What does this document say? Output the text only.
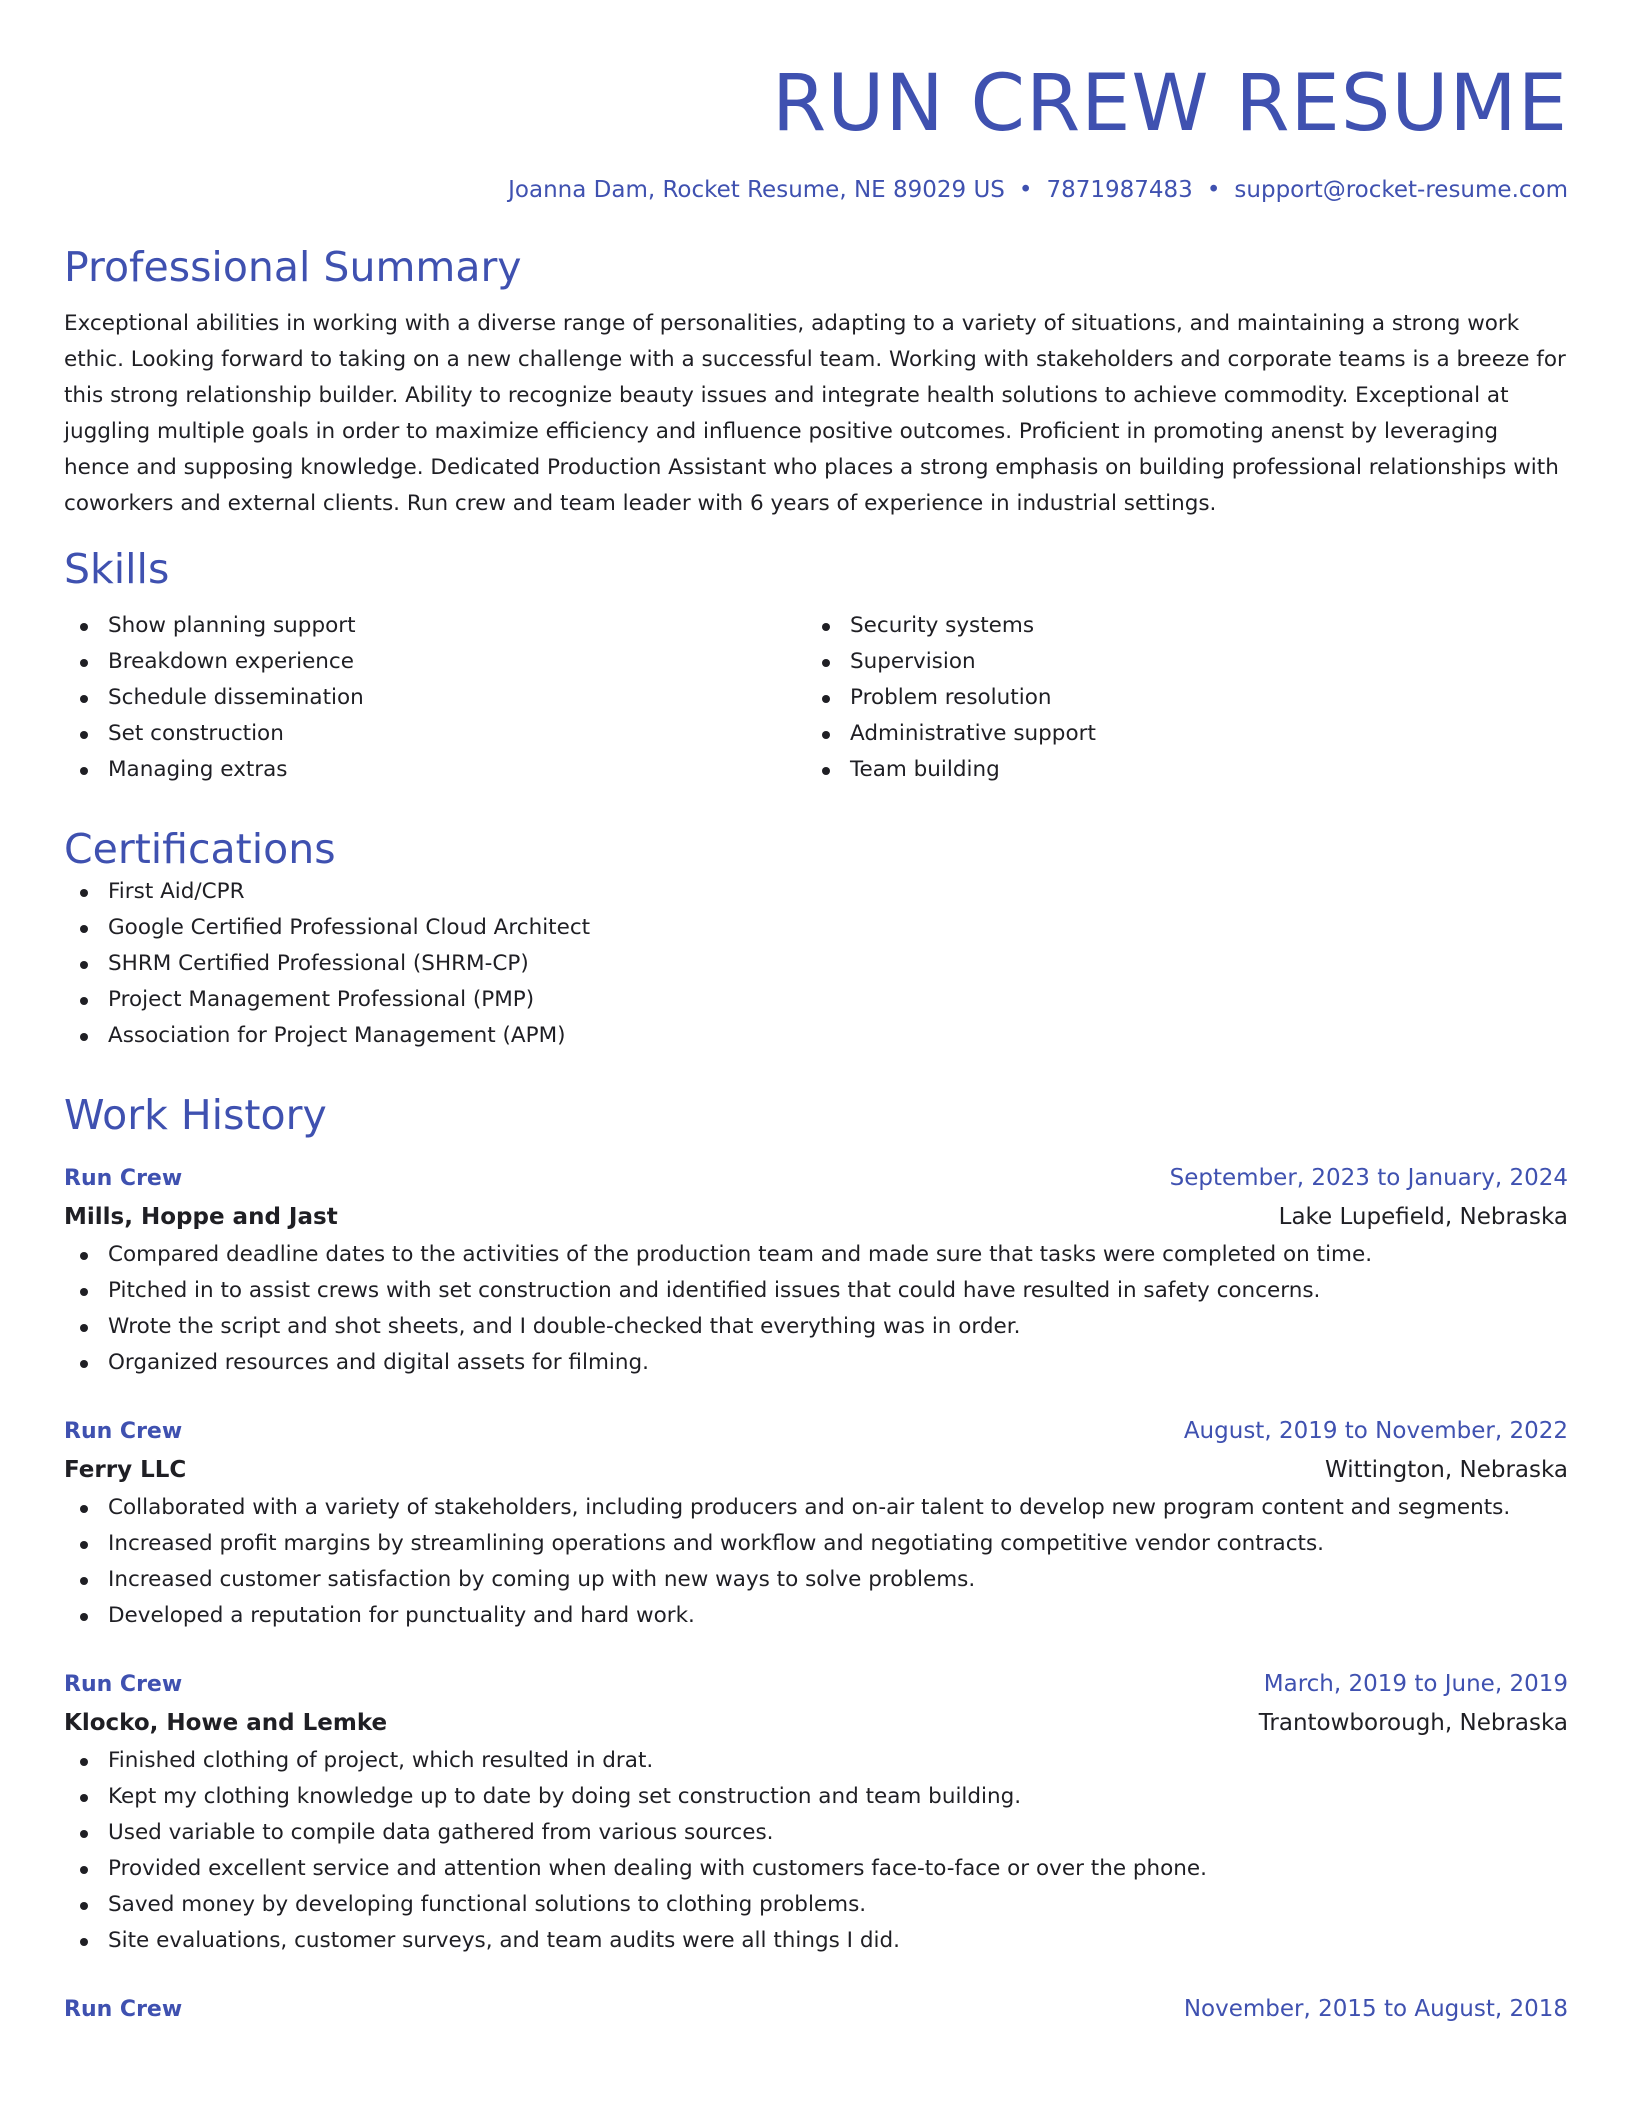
RUN CREW RESUME
Joanna Dam, Rocket Resume, NE 89029 US • 7871987483 • support@rocket-resume.com
Professional Summary

Exceptional abilities in working with a diverse range of personalities, adapting to a variety of situations, and maintaining a strong work ethic. Looking forward to taking on a new challenge with a successful team. Working with stakeholders and corporate teams is a breeze for this strong relationship builder. Ability to recognize beauty issues and integrate health solutions to achieve commodity. Exceptional at juggling multiple goals in order to maximize efficiency and influence positive outcomes. Proficient in promoting anenst by leveraging hence and supposing knowledge. Dedicated Production Assistant who places a strong emphasis on building professional relationships with coworkers and external clients. Run crew and team leader with 6 years of experience in industrial settings.

Skills
Show planning support
Breakdown experience
Schedule dissemination
Set construction
Managing extras
Security systems
Supervision
Problem resolution
Administrative support
Team building
Certifications
First Aid/CPR
Google Certified Professional Cloud Architect
SHRM Certified Professional (SHRM-CP)
Project Management Professional (PMP)
Association for Project Management (APM)
Work History
Run Crew	September, 2023 to January, 2024
Mills, Hoppe and Jast	Lake Lupefield, Nebraska
Compared deadline dates to the activities of the production team and made sure that tasks were completed on time.
Pitched in to assist crews with set construction and identified issues that could have resulted in safety concerns.
Wrote the script and shot sheets, and I double-checked that everything was in order.
Organized resources and digital assets for filming.
Run Crew	August, 2019 to November, 2022
Ferry LLC	Wittington, Nebraska
Collaborated with a variety of stakeholders, including producers and on-air talent to develop new program content and segments.
Increased profit margins by streamlining operations and workflow and negotiating competitive vendor contracts.
Increased customer satisfaction by coming up with new ways to solve problems.
Developed a reputation for punctuality and hard work.
Run Crew	March, 2019 to June, 2019
Klocko, Howe and Lemke	Trantowborough, Nebraska
Finished clothing of project, which resulted in drat.
Kept my clothing knowledge up to date by doing set construction and team building.
Used variable to compile data gathered from various sources.
Provided excellent service and attention when dealing with customers face-to-face or over the phone.
Saved money by developing functional solutions to clothing problems.
Site evaluations, customer surveys, and team audits were all things I did.
Run Crew	November, 2015 to August, 2018
